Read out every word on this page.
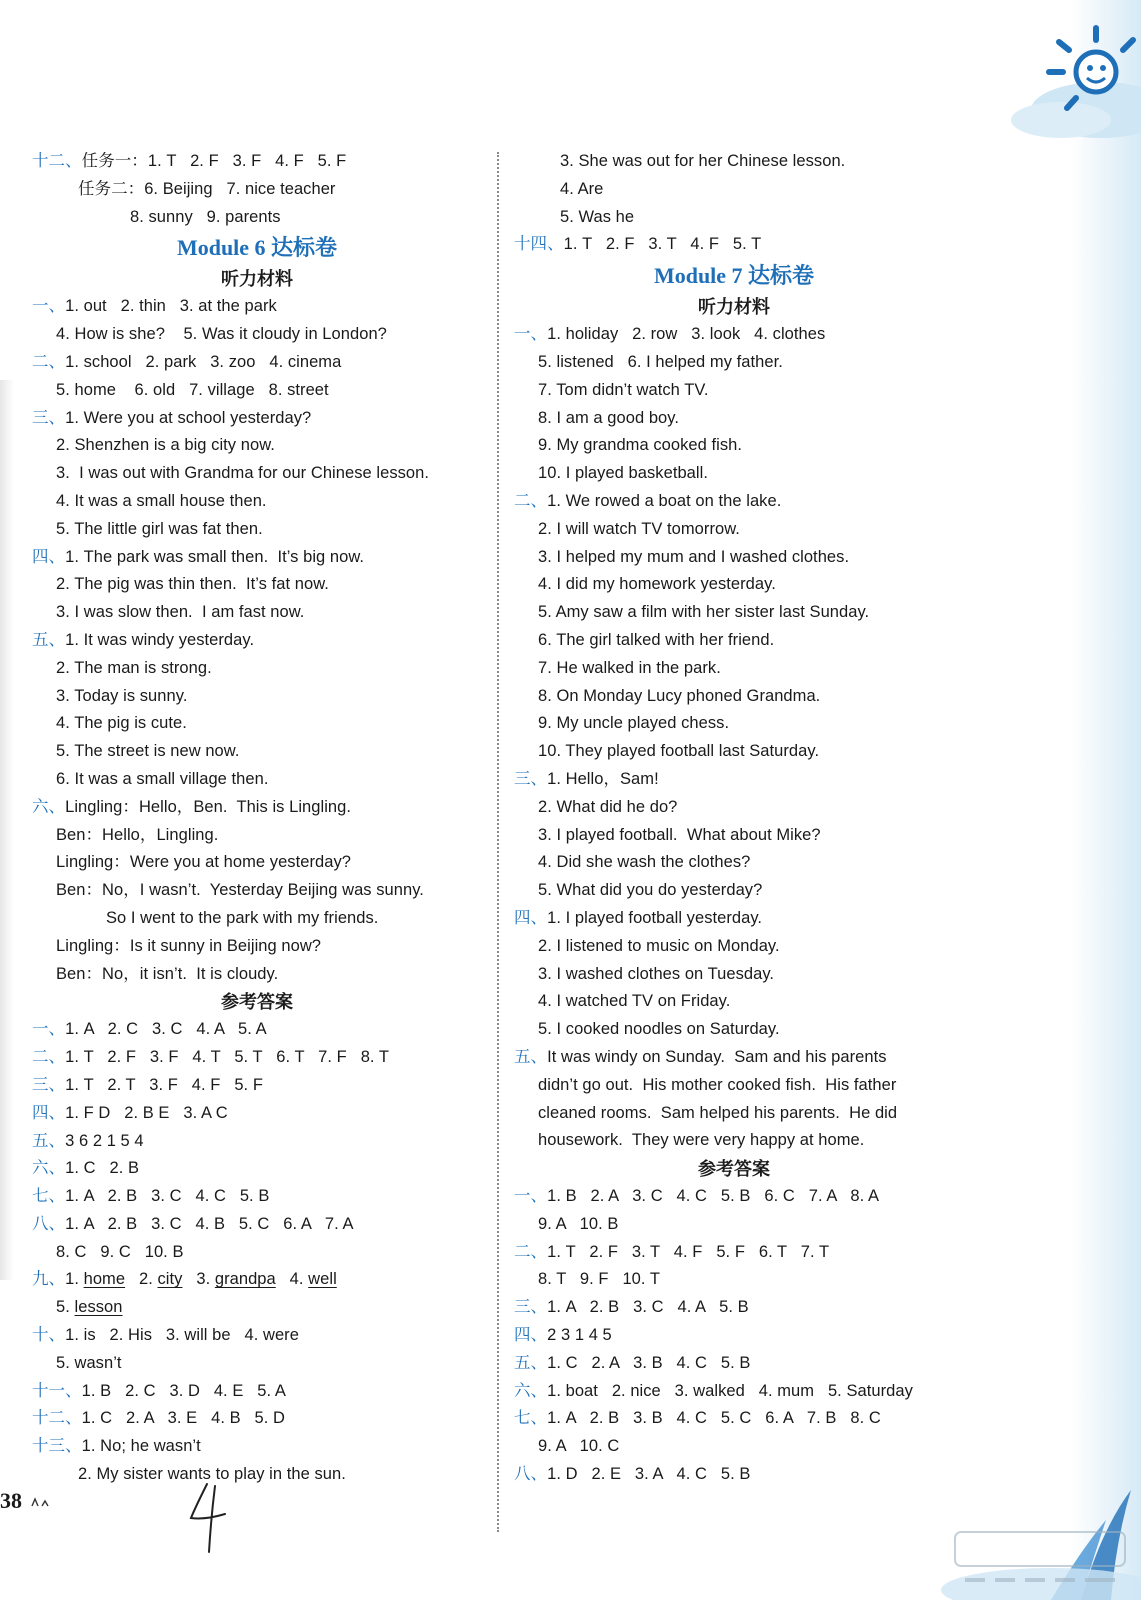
十二、任务一：1. T   2. F   3. F   4. F   5. F
任务二：6. Beijing   7. nice teacher
8. sunny   9. parents
Module 6 达标卷
听力材料
一、1. out   2. thin   3. at the park
4. How is she?    5. Was it cloudy in London?
二、1. school   2. park   3. zoo   4. cinema
5. home    6. old   7. village   8. street
三、1. Were you at school yesterday?
2. Shenzhen is a big city now.
3.  I was out with Grandma for our Chinese lesson.
4. It was a small house then.
5. The little girl was fat then.
四、1. The park was small then.  It’s big now.
2. The pig was thin then.  It’s fat now.
3. I was slow then.  I am fast now.
五、1. It was windy yesterday.
2. The man is strong.
3. Today is sunny.
4. The pig is cute.
5. The street is new now.
6. It was a small village then.
六、Lingling：Hello，Ben.  This is Lingling.
Ben：Hello，Lingling.
Lingling：Were you at home yesterday?
Ben：No，I wasn’t.  Yesterday Beijing was sunny.
So I went to the park with my friends.
Lingling：Is it sunny in Beijing now?
Ben：No，it isn’t.  It is cloudy.
参考答案
一、1. A   2. C   3. C   4. A   5. A
二、1. T   2. F   3. F   4. T   5. T   6. T   7. F   8. T
三、1. T   2. T   3. F   4. F   5. F
四、1. F D   2. B E   3. A C
五、3 6 2 1 5 4
六、1. C   2. B
七、1. A   2. B   3. C   4. C   5. B
八、1. A   2. B   3. C   4. B   5. C   6. A   7. A
8. C   9. C   10. B
九、1. home   2. city   3. grandpa   4. well
5. lesson
十、1. is   2. His   3. will be   4. were
5. wasn’t
十一、1. B   2. C   3. D   4. E   5. A
十二、1. C   2. A   3. E   4. B   5. D
十三、1. No; he wasn’t
2. My sister wants to play in the sun.
3. She was out for her Chinese lesson.
4. Are
5. Was he
十四、1. T   2. F   3. T   4. F   5. T
Module 7 达标卷
听力材料
一、1. holiday   2. row   3. look   4. clothes
5. listened   6. I helped my father.
7. Tom didn’t watch TV.
8. I am a good boy.
9. My grandma cooked fish.
10. I played basketball.
二、1. We rowed a boat on the lake.
2. I will watch TV tomorrow.
3. I helped my mum and I washed clothes.
4. I did my homework yesterday.
5. Amy saw a film with her sister last Sunday.
6. The girl talked with her friend.
7. He walked in the park.
8. On Monday Lucy phoned Grandma.
9. My uncle played chess.
10. They played football last Saturday.
三、1. Hello，Sam!
2. What did he do?
3. I played football.  What about Mike?
4. Did she wash the clothes?
5. What did you do yesterday?
四、1. I played football yesterday.
2. I listened to music on Monday.
3. I washed clothes on Tuesday.
4. I watched TV on Friday.
5. I cooked noodles on Saturday.
五、It was windy on Sunday.  Sam and his parents
didn’t go out.  His mother cooked fish.  His father
cleaned rooms.  Sam helped his parents.  He did
housework.  They were very happy at home.
参考答案
一、1. B   2. A   3. C   4. C   5. B   6. C   7. A   8. A
9. A   10. B
二、1. T   2. F   3. T   4. F   5. F   6. T   7. T
8. T   9. F   10. T
三、1. A   2. B   3. C   4. A   5. B
四、2 3 1 4 5
五、1. C   2. A   3. B   4. C   5. B
六、1. boat   2. nice   3. walked   4. mum   5. Saturday
七、1. A   2. B   3. B   4. C   5. C   6. A   7. B   8. C
9. A   10. C
八、1. D   2. E   3. A   4. C   5. B
38
